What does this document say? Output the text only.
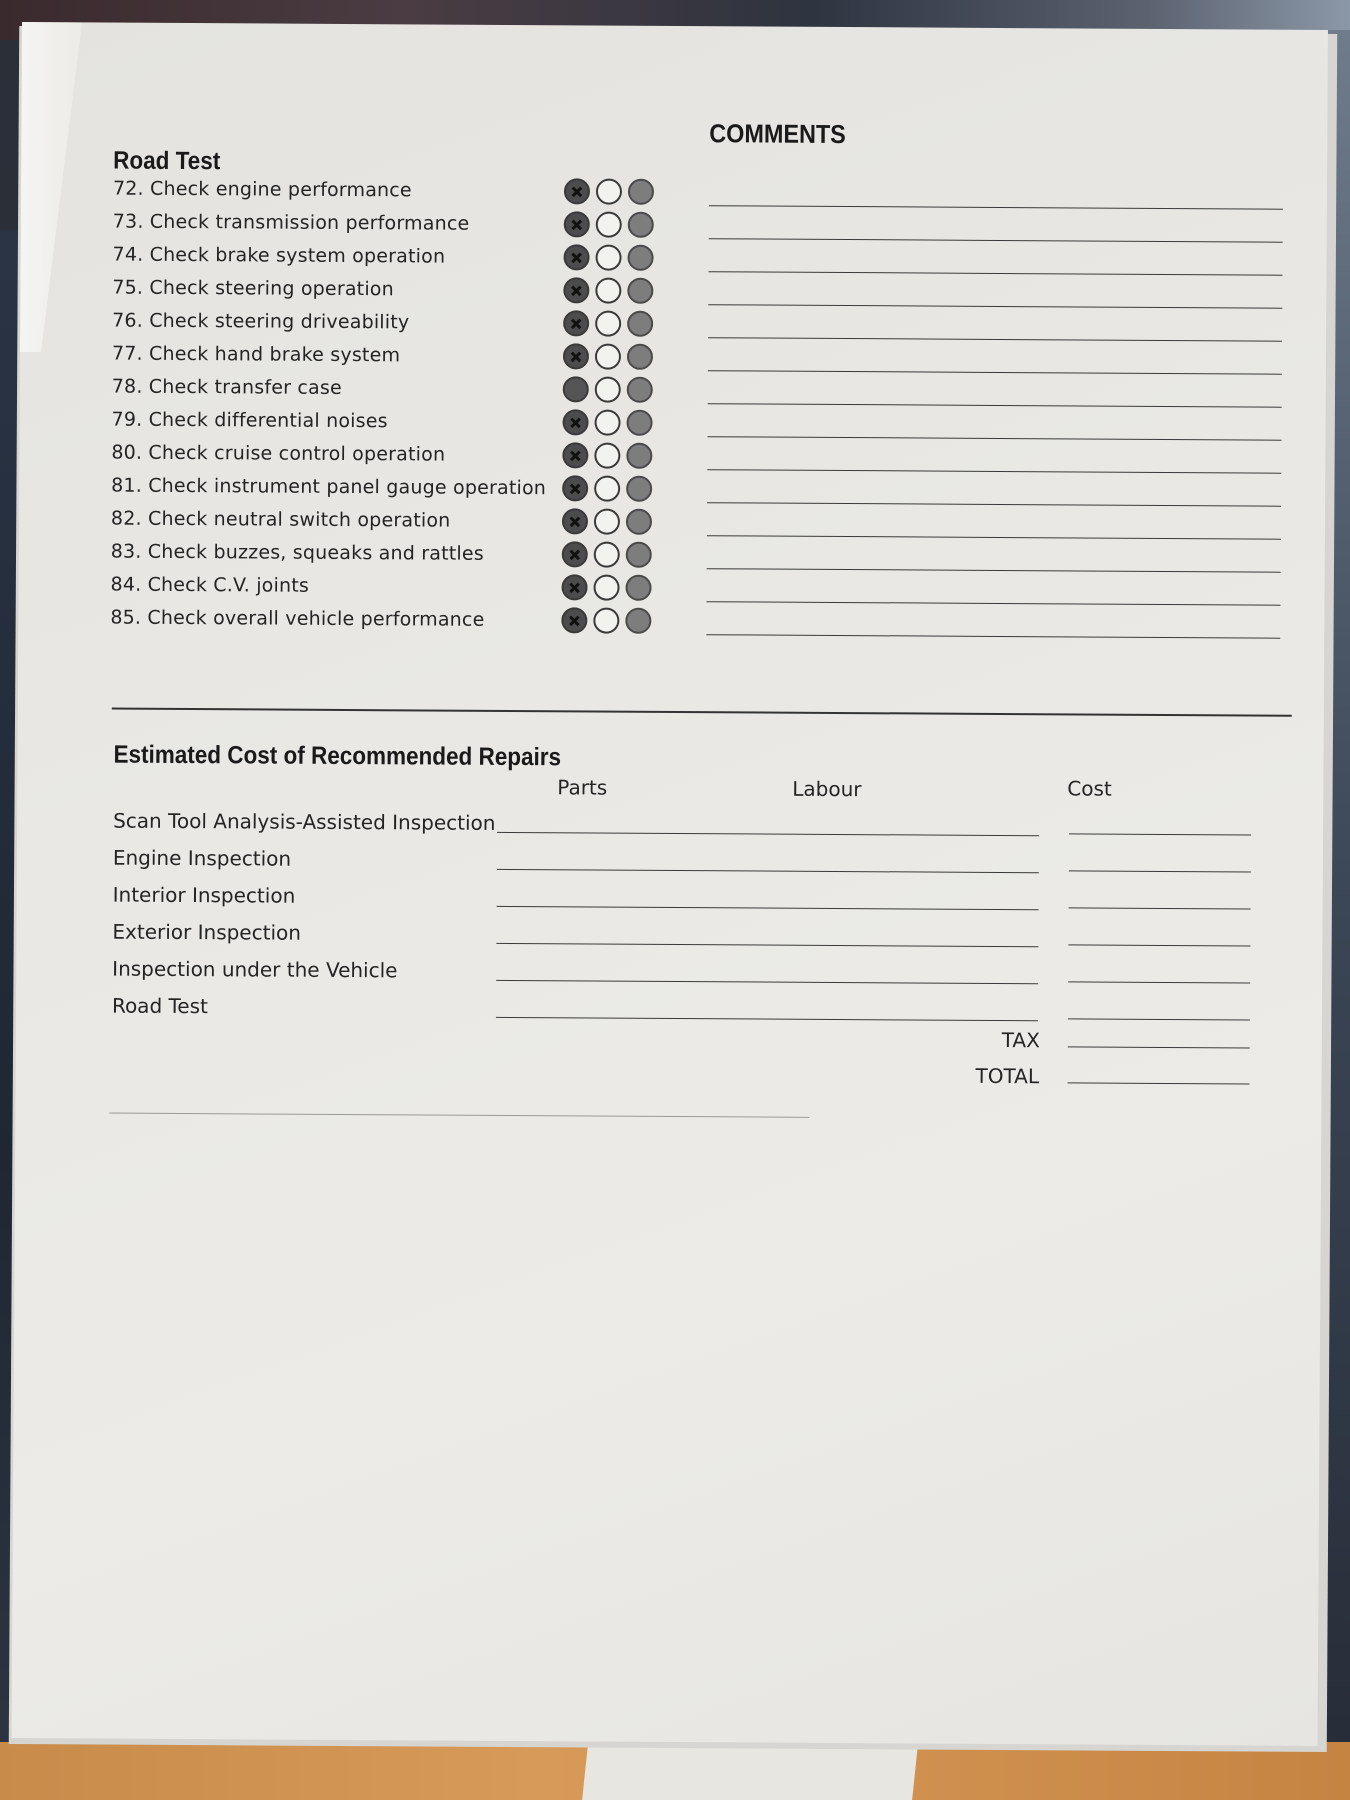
COMMENTS
Road Test
72. Check engine performance
73. Check transmission performance
74. Check brake system operation
75. Check steering operation
76. Check steering driveability
77. Check hand brake system
78. Check transfer case
79. Check differential noises
80. Check cruise control operation
81. Check instrument panel gauge operation
82. Check neutral switch operation
83. Check buzzes, squeaks and rattles
84. Check C.V. joints
85. Check overall vehicle performance
Estimated Cost of Recommended Repairs
Parts	Labour	Cost
Scan Tool Analysis-Assisted Inspection
Engine Inspection
Interior Inspection
Exterior Inspection
Inspection under the Vehicle
Road Test
TAX
TOTAL
